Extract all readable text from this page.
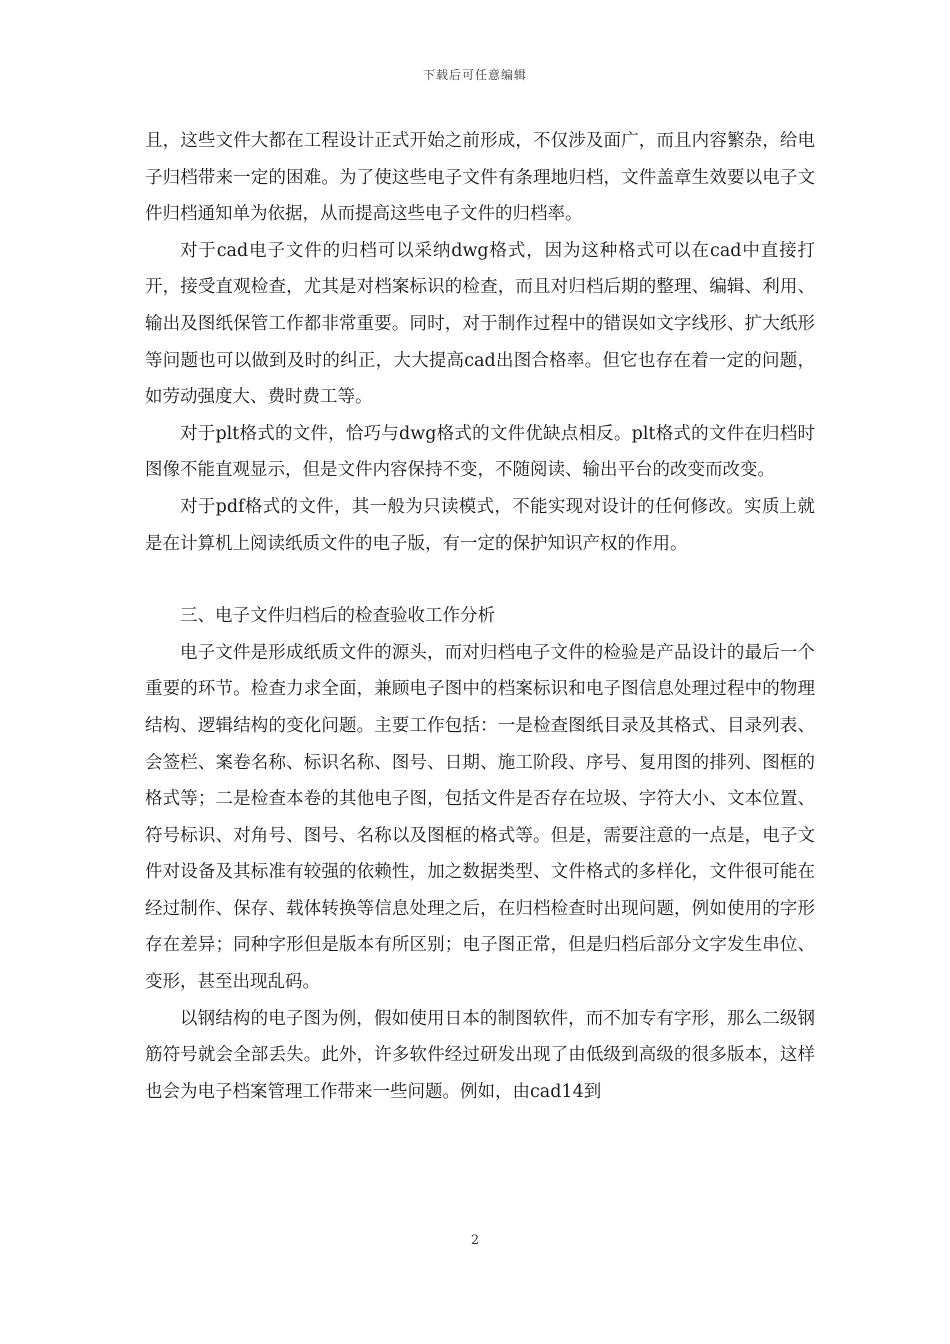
下载后可任意编辑

且，这些文件大都在工程设计正式开始之前形成，不仅涉及面广，而且内容繁杂，给电子归档带来一定的困难。为了使这些电子文件有条理地归档，文件盖章生效要以电子文件归档通知单为依据，从而提高这些电子文件的归档率。

对于cad电子文件的归档可以采纳dwg格式，因为这种格式可以在cad中直接打开，接受直观检查，尤其是对档案标识的检查，而且对归档后期的整理、编辑、利用、输出及图纸保管工作都非常重要。同时，对于制作过程中的错误如文字线形、扩大纸形等问题也可以做到及时的纠正，大大提高cad出图合格率。但它也存在着一定的问题，如劳动强度大、费时费工等。

对于plt格式的文件，恰巧与dwg格式的文件优缺点相反。plt格式的文件在归档时图像不能直观显示，但是文件内容保持不变，不随阅读、输出平台的改变而改变。

对于pdf格式的文件，其一般为只读模式，不能实现对设计的任何修改。实质上就是在计算机上阅读纸质文件的电子版，有一定的保护知识产权的作用。

三、电子文件归档后的检查验收工作分析

电子文件是形成纸质文件的源头，而对归档电子文件的检验是产品设计的最后一个重要的环节。检查力求全面，兼顾电子图中的档案标识和电子图信息处理过程中的物理结构、逻辑结构的变化问题。主要工作包括：一是检查图纸目录及其格式、目录列表、会签栏、案卷名称、标识名称、图号、日期、施工阶段、序号、复用图的排列、图框的格式等；二是检查本卷的其他电子图，包括文件是否存在垃圾、字符大小、文本位置、符号标识、对角号、图号、名称以及图框的格式等。但是，需要注意的一点是，电子文件对设备及其标准有较强的依赖性，加之数据类型、文件格式的多样化，文件很可能在经过制作、保存、载体转换等信息处理之后，在归档检查时出现问题，例如使用的字形存在差异；同种字形但是版本有所区别；电子图正常，但是归档后部分文字发生串位、变形，甚至出现乱码。

以钢结构的电子图为例，假如使用日本的制图软件，而不加专有字形，那么二级钢筋符号就会全部丢失。此外，许多软件经过研发出现了由低级到高级的很多版本，这样也会为电子档案管理工作带来一些问题。例如，由cad14到

2
